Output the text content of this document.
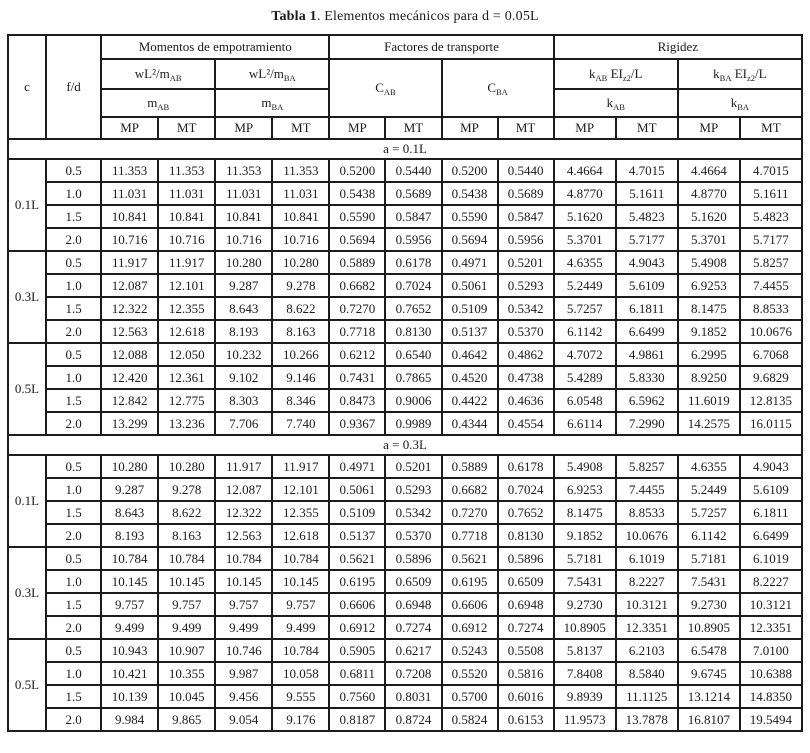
Tabla 1. Elementos mecánicos para d = 0.05L
c	f/d	Momentos de empotramiento				Factores de transporte				Rigidez			
		wL²/$m_{AB}$		wL²/$m_{BA}$		$C_{AB}$		$C_{BA}$		$k_{AB}$ $EI_{z2}/L$		$k_{BA}$ $EI_{z2}/L$	
		$m_{AB}$		$m_{BA}$						$k_{AB}$		$k_{BA}$
		MP	MT	MP	MT	MP	MT	MP	MT	MP	MT	MP	MT
a = 0.1L													
0.1L	0.5	11.353	11.353	11.353	11.353	0.5200	0.5440	0.5200	0.5440	4.4664	4.7015	4.4664	4.7015
	1.0	11.031	11.031	11.031	11.031	0.5438	0.5689	0.5438	0.5689	4.8770	5.1611	4.8770	5.1611
	1.5	10.841	10.841	10.841	10.841	0.5590	0.5847	0.5590	0.5847	5.1620	5.4823	5.1620	5.4823
	2.0	10.716	10.716	10.716	10.716	0.5694	0.5956	0.5694	0.5956	5.3701	5.7177	5.3701	5.7177
0.3L	0.5	11.917	11.917	10.280	10.280	0.5889	0.6178	0.4971	0.5201	4.6355	4.9043	5.4908	5.8257
	1.0	12.087	12.101	9.287	9.278	0.6682	0.7024	0.5061	0.5293	5.2449	5.6109	6.9253	7.4455
	1.5	12.322	12.355	8.643	8.622	0.7270	0.7652	0.5109	0.5342	5.7257	6.1811	8.1475	8.8533
	2.0	12.563	12.618	8.193	8.163	0.7718	0.8130	0.5137	0.5370	6.1142	6.6499	9.1852	10.0676
0.5L	0.5	12.088	12.050	10.232	10.266	0.6212	0.6540	0.4642	0.4862	4.7072	4.9861	6.2995	6.7068
	1.0	12.420	12.361	9.102	9.146	0.7431	0.7865	0.4520	0.4738	5.4289	5.8330	8.9250	9.6829
	1.5	12.842	12.775	8.303	8.346	0.8473	0.9006	0.4422	0.4636	6.0548	6.5962	11.6019	12.8135
	2.0	13.299	13.236	7.706	7.740	0.9367	0.9989	0.4344	0.4554	6.6114	7.2990	14.2575	16.0115
a = 0.3L													
0.1L	0.5	10.280	10.280	11.917	11.917	0.4971	0.5201	0.5889	0.6178	5.4908	5.8257	4.6355	4.9043
	1.0	9.287	9.278	12.087	12.101	0.5061	0.5293	0.6682	0.7024	6.9253	7.4455	5.2449	5.6109
	1.5	8.643	8.622	12.322	12.355	0.5109	0.5342	0.7270	0.7652	8.1475	8.8533	5.7257	6.1811
	2.0	8.193	8.163	12.563	12.618	0.5137	0.5370	0.7718	0.8130	9.1852	10.0676	6.1142	6.6499
0.3L	0.5	10.784	10.784	10.784	10.784	0.5621	0.5896	0.5621	0.5896	5.7181	6.1019	5.7181	6.1019
	1.0	10.145	10.145	10.145	10.145	0.6195	0.6509	0.6195	0.6509	7.5431	8.2227	7.5431	8.2227
	1.5	9.757	9.757	9.757	9.757	0.6606	0.6948	0.6606	0.6948	9.2730	10.3121	9.2730	10.3121
	2.0	9.499	9.499	9.499	9.499	0.6912	0.7274	0.6912	0.7274	10.8905	12.3351	10.8905	12.3351
0.5L	0.5	10.943	10.907	10.746	10.784	0.5905	0.6217	0.5243	0.5508	5.8137	6.2103	6.5478	7.0100
	1.0	10.421	10.355	9.987	10.058	0.6811	0.7208	0.5520	0.5816	7.8408	8.5840	9.6745	10.6388
	1.5	10.139	10.045	9.456	9.555	0.7560	0.8031	0.5700	0.6016	9.8939	11.1125	13.1214	14.8350
	2.0	9.984	9.865	9.054	9.176	0.8187	0.8724	0.5824	0.6153	11.9573	13.7878	16.8107	19.5494
